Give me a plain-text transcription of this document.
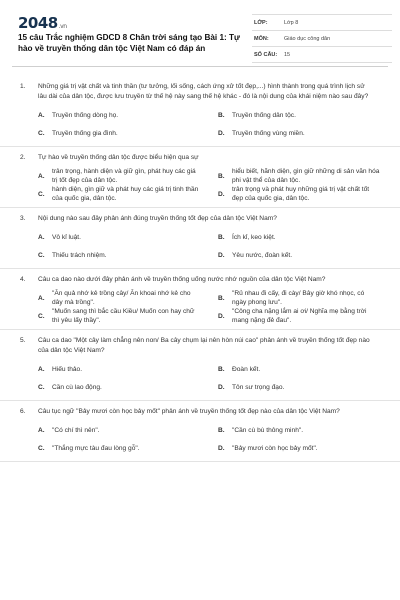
2048.vn
15 câu Trắc nghiệm GDCD 8 Chân trời sáng tạo Bài 1: Tự hào về truyền thống dân tộc Việt Nam có đáp án
LỚP:	Lớp 8
MÔN:	Giáo dục công dân
SỐ CÂU:	15
1.	Những giá trị vật chất và tinh thần (tư tưởng, lối sống, cách ứng xử tốt đẹp,...) hình thành trong quá trình lịch sử lâu dài của dân tộc, được lưu truyền từ thế hệ này sang thế hệ khác - đó là nội dung của khái niệm nào sau đây?
A.	Truyền thống dòng họ.	B.	Truyền thống dân tộc.
C.	Truyền thống gia đình.	D.	Truyền thống vùng miền.
2.	Tự hào về truyền thống dân tộc được biểu hiện qua sự
A.
trân trọng, hành diện và giữ gìn, phát huy các giá trị tốt đẹp của dân tộc.
B.
hiểu biết, hãnh diện, gìn giữ những di sản văn hóa phi vật thể của dân tộc.
C.
hành diện, gìn giữ và phát huy các giá trị tinh thần của quốc gia, dân tộc.
D.
trân trọng và phát huy những giá trị vật chất tốt đẹp của quốc gia, dân tộc.
3.	Nội dung nào sau đây phản ánh đúng truyền thống tốt đẹp của dân tộc Việt Nam?
A.	Vô kỉ luật.	B.	Ích kỉ, keo kiệt.
C.	Thiếu trách nhiệm.	D.	Yêu nước, đoàn kết.
4.	Câu ca dao nào dưới đây phản ánh về truyền thống uống nước nhớ nguồn của dân tộc Việt Nam?
A.
"Ăn quả nhớ kẻ trồng cây/ Ăn khoai nhớ kẻ cho dây mà trồng".
B.
"Rủ nhau đi cấy, đi cày/ Bây giờ khó nhọc, có ngày phong lưu".
C.
"Muốn sang thì bắc cầu Kiều/ Muốn con hay chữ thì yêu lấy thầy".
D.
"Công cha nặng lắm ai ơi/ Nghĩa mẹ bằng trời mang nặng đẻ đau".
5.	Câu ca dao "Một cây làm chẳng nên non/ Ba cây chụm lại nên hòn núi cao" phản ánh về truyền thống tốt đẹp nào của dân tộc Việt Nam?
A.	Hiếu thảo.	B.	Đoàn kết.
C.	Cần cù lao động.	D.	Tôn sư trọng đạo.
6.	Câu tục ngữ "Bảy mươi còn học bảy mốt" phản ánh về truyền thống tốt đẹp nào của dân tộc Việt Nam?
A.	"Có chí thì nên".	B.	"Cần cù bù thông minh".
C.	"Thắng mực tàu đau lòng gỗ".	D.	"Bảy mươi còn học bảy mốt".
